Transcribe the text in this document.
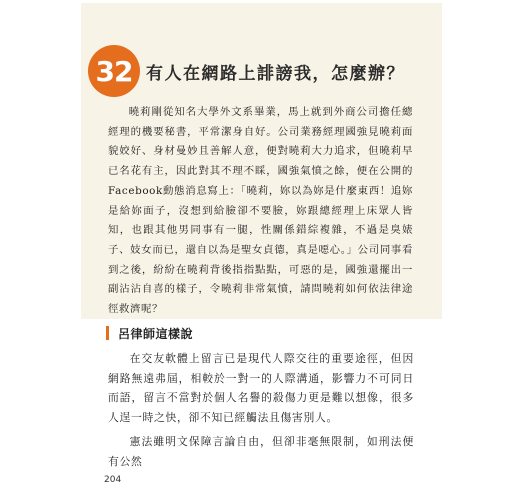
32 有人在網路上誹謗我，怎麼辦？

曉莉剛從知名大學外文系畢業，馬上就到外商公司擔任總經理的機要秘書，平常潔身自好。公司業務經理國強見曉莉面貌姣好、身材曼妙且善解人意，便對曉莉大力追求，但曉莉早已名花有主，因此對其不理不睬，國強氣憤之餘，便在公開的Facebook動態消息寫上：「曉莉，妳以為妳是什麼東西！追妳是給妳面子，沒想到給臉卻不要臉，妳跟總經理上床眾人皆知，也跟其他男同事有一腿，性關係錯綜複雜，不過是臭婊子、妓女而已，還自以為是聖女貞德，真是噁心。」公司同事看到之後，紛紛在曉莉背後指指點點，可惡的是，國強還擺出一副沾沾自喜的樣子，令曉莉非常氣憤，請問曉莉如何依法律途徑救濟呢？

呂律師這樣說

在交友軟體上留言已是現代人際交往的重要途徑，但因網路無遠弗屆，相較於一對一的人際溝通，影響力不可同日而語，留言不當對於個人名譽的殺傷力更是難以想像，很多人逞一時之快，卻不知已經觸法且傷害別人。

憲法雖明文保障言論自由，但卻非毫無限制，如刑法便有公然

204
